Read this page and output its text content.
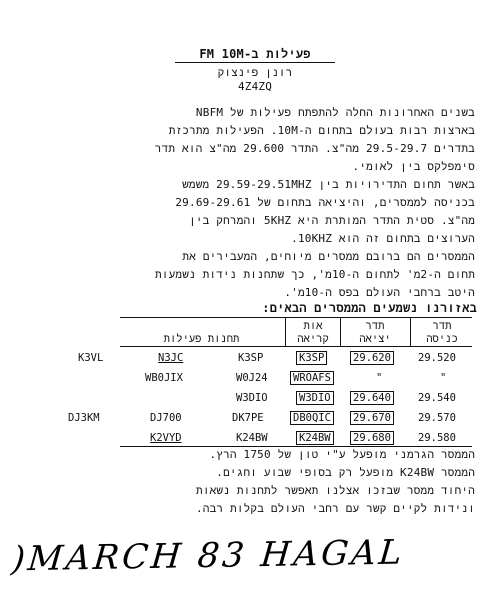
פעילות ב-FM 10M
רונן פינצוק
4Z4ZQ
בשנים האחרונות החלה להתפתח פעילות של NBFM
בארצות רבות בעולם בתחום ה-10M. הפעילות מתרכזת
בתדרים 29.5-29.7 מה"צ. התדר 29.600 מה"צ הוא תדר
סימפלקס בין לאומי.
באשר תחום התדירויות בין 29.59-29.51MHZ משמש
בכניסה לממסרים, והיציאה בתחום של 29.69-29.61
מה"צ. סטית התדר המותרת היא 5KHZ והמרחק בין
הערוצים בתחום זה הוא 10KHZ.
הממסרים הם ברובם ממסרים מיוחים, המעבירים את
תחום ה-2מ' לתחום ה-10מ', כך שתחנות נידות נשמעות
היטב ברחבי העולם בפס ה-10מ'.
באזורנו נשמעים הממסרים הבאים:
תדר
כניסה
תדר
יציאה
אות
קריאה
תחנות פעילות
29.520
29.620
K3SP
K3SP
N3JC
K3VL
"
"
WROAFS
W0J24
WB0JIX
29.540
29.640
W3DIO
W3DIO
29.570
29.670
DB0QIC
DK7PE
DJ700
DJ3KM
29.580
29.680
K24BW
K24BW
K2VYD
הממסר הגרמני מופעל ע"י טון של 1750 הרץ.
הממסר K24BW מופעל רק בסופי שבוע וחגים.
היחוד ממסר שבזכו אצלנו תאפשר לתחנות נשאות
ונידות לקיים קשר עם רחבי העולם בקלות רבה.
)MARCH 83 HAGAL
